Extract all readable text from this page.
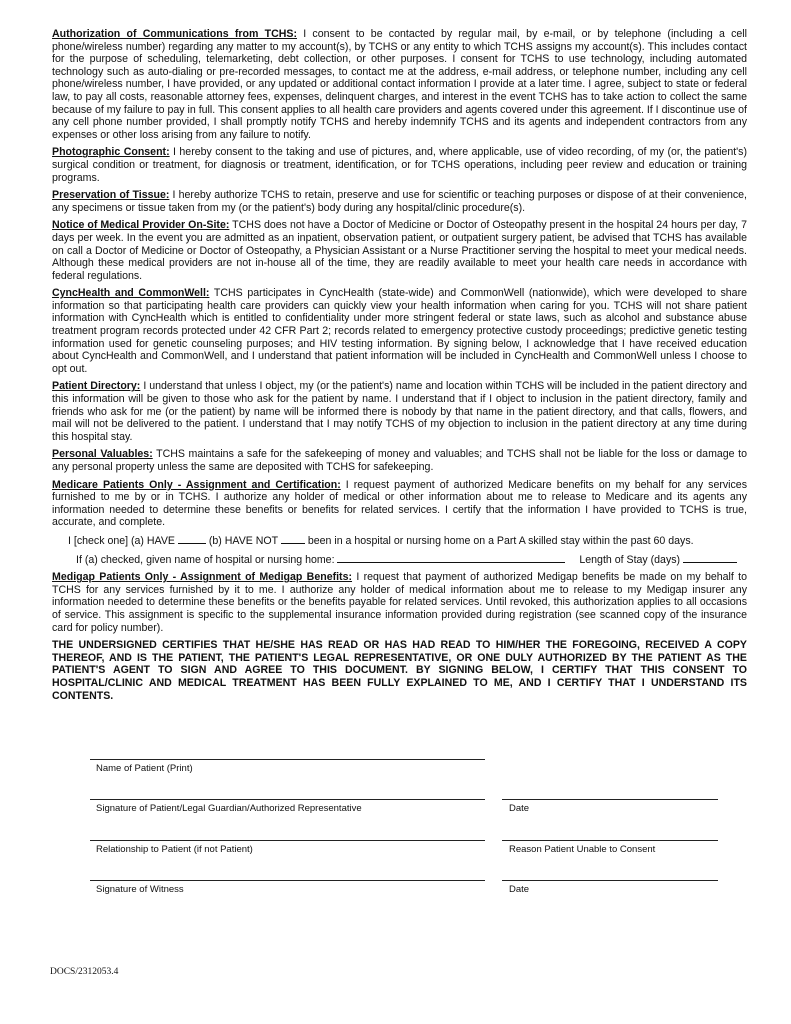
Authorization of Communications from TCHS: I consent to be contacted by regular mail, by e-mail, or by telephone (including a cell phone/wireless number) regarding any matter to my account(s), by TCHS or any entity to which TCHS assigns my account(s). This includes contact for the purpose of scheduling, telemarketing, debt collection, or other purposes. I consent for TCHS to use technology, including automated technology such as auto-dialing or pre-recorded messages, to contact me at the address, e-mail address, or telephone number, including any cell phone/wireless number, I have provided, or any updated or additional contact information I provide at a later time. I agree, subject to state or federal law, to pay all costs, reasonable attorney fees, expenses, delinquent charges, and interest in the event TCHS has to take action to collect the same because of my failure to pay in full. This consent applies to all health care providers and agents covered under this agreement. If I discontinue use of any cell phone number provided, I shall promptly notify TCHS and hereby indemnify TCHS and its agents and independent contractors from any expenses or other loss arising from any failure to notify.

Photographic Consent: I hereby consent to the taking and use of pictures, and, where applicable, use of video recording, of my (or, the patient's) surgical condition or treatment, for diagnosis or treatment, identification, or for TCHS operations, including peer review and education or training programs.

Preservation of Tissue: I hereby authorize TCHS to retain, preserve and use for scientific or teaching purposes or dispose of at their convenience, any specimens or tissue taken from my (or the patient's) body during any hospital/clinic procedure(s).

Notice of Medical Provider On-Site: TCHS does not have a Doctor of Medicine or Doctor of Osteopathy present in the hospital 24 hours per day, 7 days per week. In the event you are admitted as an inpatient, observation patient, or outpatient surgery patient, be advised that TCHS has available on call a Doctor of Medicine or Doctor of Osteopathy, a Physician Assistant or a Nurse Practitioner serving the hospital to meet your medical needs. Although these medical providers are not in-house all of the time, they are readily available to meet your health care needs in accordance with federal regulations.

CyncHealth and CommonWell: TCHS participates in CyncHealth (state-wide) and CommonWell (nationwide), which were developed to share information so that participating health care providers can quickly view your health information when caring for you. TCHS will not share patient information with CyncHealth which is entitled to confidentiality under more stringent federal or state laws, such as alcohol and substance abuse treatment program records protected under 42 CFR Part 2; records related to emergency protective custody proceedings; predictive genetic testing information used for genetic counseling purposes; and HIV testing information. By signing below, I acknowledge that I have received education about CyncHealth and CommonWell, and I understand that patient information will be included in CyncHealth and CommonWell unless I choose to opt out.

Patient Directory: I understand that unless I object, my (or the patient's) name and location within TCHS will be included in the patient directory and this information will be given to those who ask for the patient by name. I understand that if I object to inclusion in the patient directory, family and friends who ask for me (or the patient) by name will be informed there is nobody by that name in the patient directory, and that calls, flowers, and mail will not be delivered to the patient. I understand that I may notify TCHS of my objection to inclusion in the patient directory at any time during this hospital stay.

Personal Valuables: TCHS maintains a safe for the safekeeping of money and valuables; and TCHS shall not be liable for the loss or damage to any personal property unless the same are deposited with TCHS for safekeeping.

Medicare Patients Only - Assignment and Certification: I request payment of authorized Medicare benefits on my behalf for any services furnished to me by or in TCHS. I authorize any holder of medical or other information about me to release to Medicare and its agents any information needed to determine these benefits or benefits for related services. I certify that the information I have provided to TCHS is true, accurate, and complete.

I [check one] (a) HAVE	(b) HAVE NOT	been in a hospital or nursing home on a Part A skilled stay within the past 60 days.
If (a) checked, given name of hospital or nursing home:	Length of Stay (days)

Medigap Patients Only - Assignment of Medigap Benefits: I request that payment of authorized Medigap benefits be made on my behalf to TCHS for any services furnished by it to me. I authorize any holder of medical information about me to release to my Medigap insurer any information needed to determine these benefits or the benefits payable for related services. Until revoked, this authorization applies to all occasions of service. This assignment is specific to the supplemental insurance information provided during registration (see scanned copy of the insurance card for policy number).

THE UNDERSIGNED CERTIFIES THAT HE/SHE HAS READ OR HAS HAD READ TO HIM/HER THE FOREGOING, RECEIVED A COPY THEREOF, AND IS THE PATIENT, THE PATIENT'S LEGAL REPRESENTATIVE, OR ONE DULY AUTHORIZED BY THE PATIENT AS THE PATIENT'S AGENT TO SIGN AND AGREE TO THIS DOCUMENT. BY SIGNING BELOW, I CERTIFY THAT THIS CONSENT TO HOSPITAL/CLINIC AND MEDICAL TREATMENT HAS BEEN FULLY EXPLAINED TO ME, AND I CERTIFY THAT I UNDERSTAND ITS CONTENTS.

Name of Patient (Print)
Signature of Patient/Legal Guardian/Authorized Representative	Date
Relationship to Patient (if not Patient)	Reason Patient Unable to Consent
Signature of Witness	Date
DOCS/2312053.4
